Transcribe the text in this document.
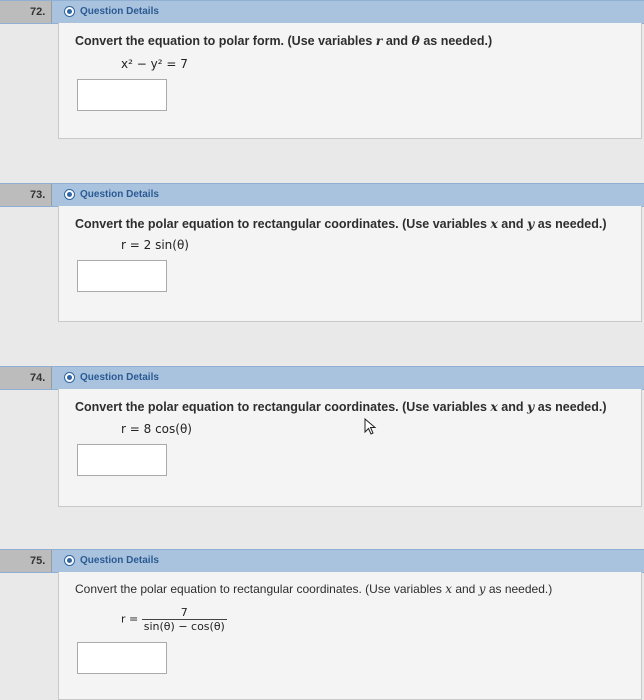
72.	Question Details
Convert the equation to polar form. (Use variables r and θ as needed.)
x² − y² = 7
73.	Question Details
Convert the polar equation to rectangular coordinates. (Use variables x and y as needed.)
r = 2 sin(θ)
74.	Question Details
Convert the polar equation to rectangular coordinates. (Use variables x and y as needed.)
r = 8 cos(θ)
75.	Question Details
Convert the polar equation to rectangular coordinates. (Use variables x and y as needed.)
$r = \frac{7}{\sin(\theta) - \cos(\theta)}$
